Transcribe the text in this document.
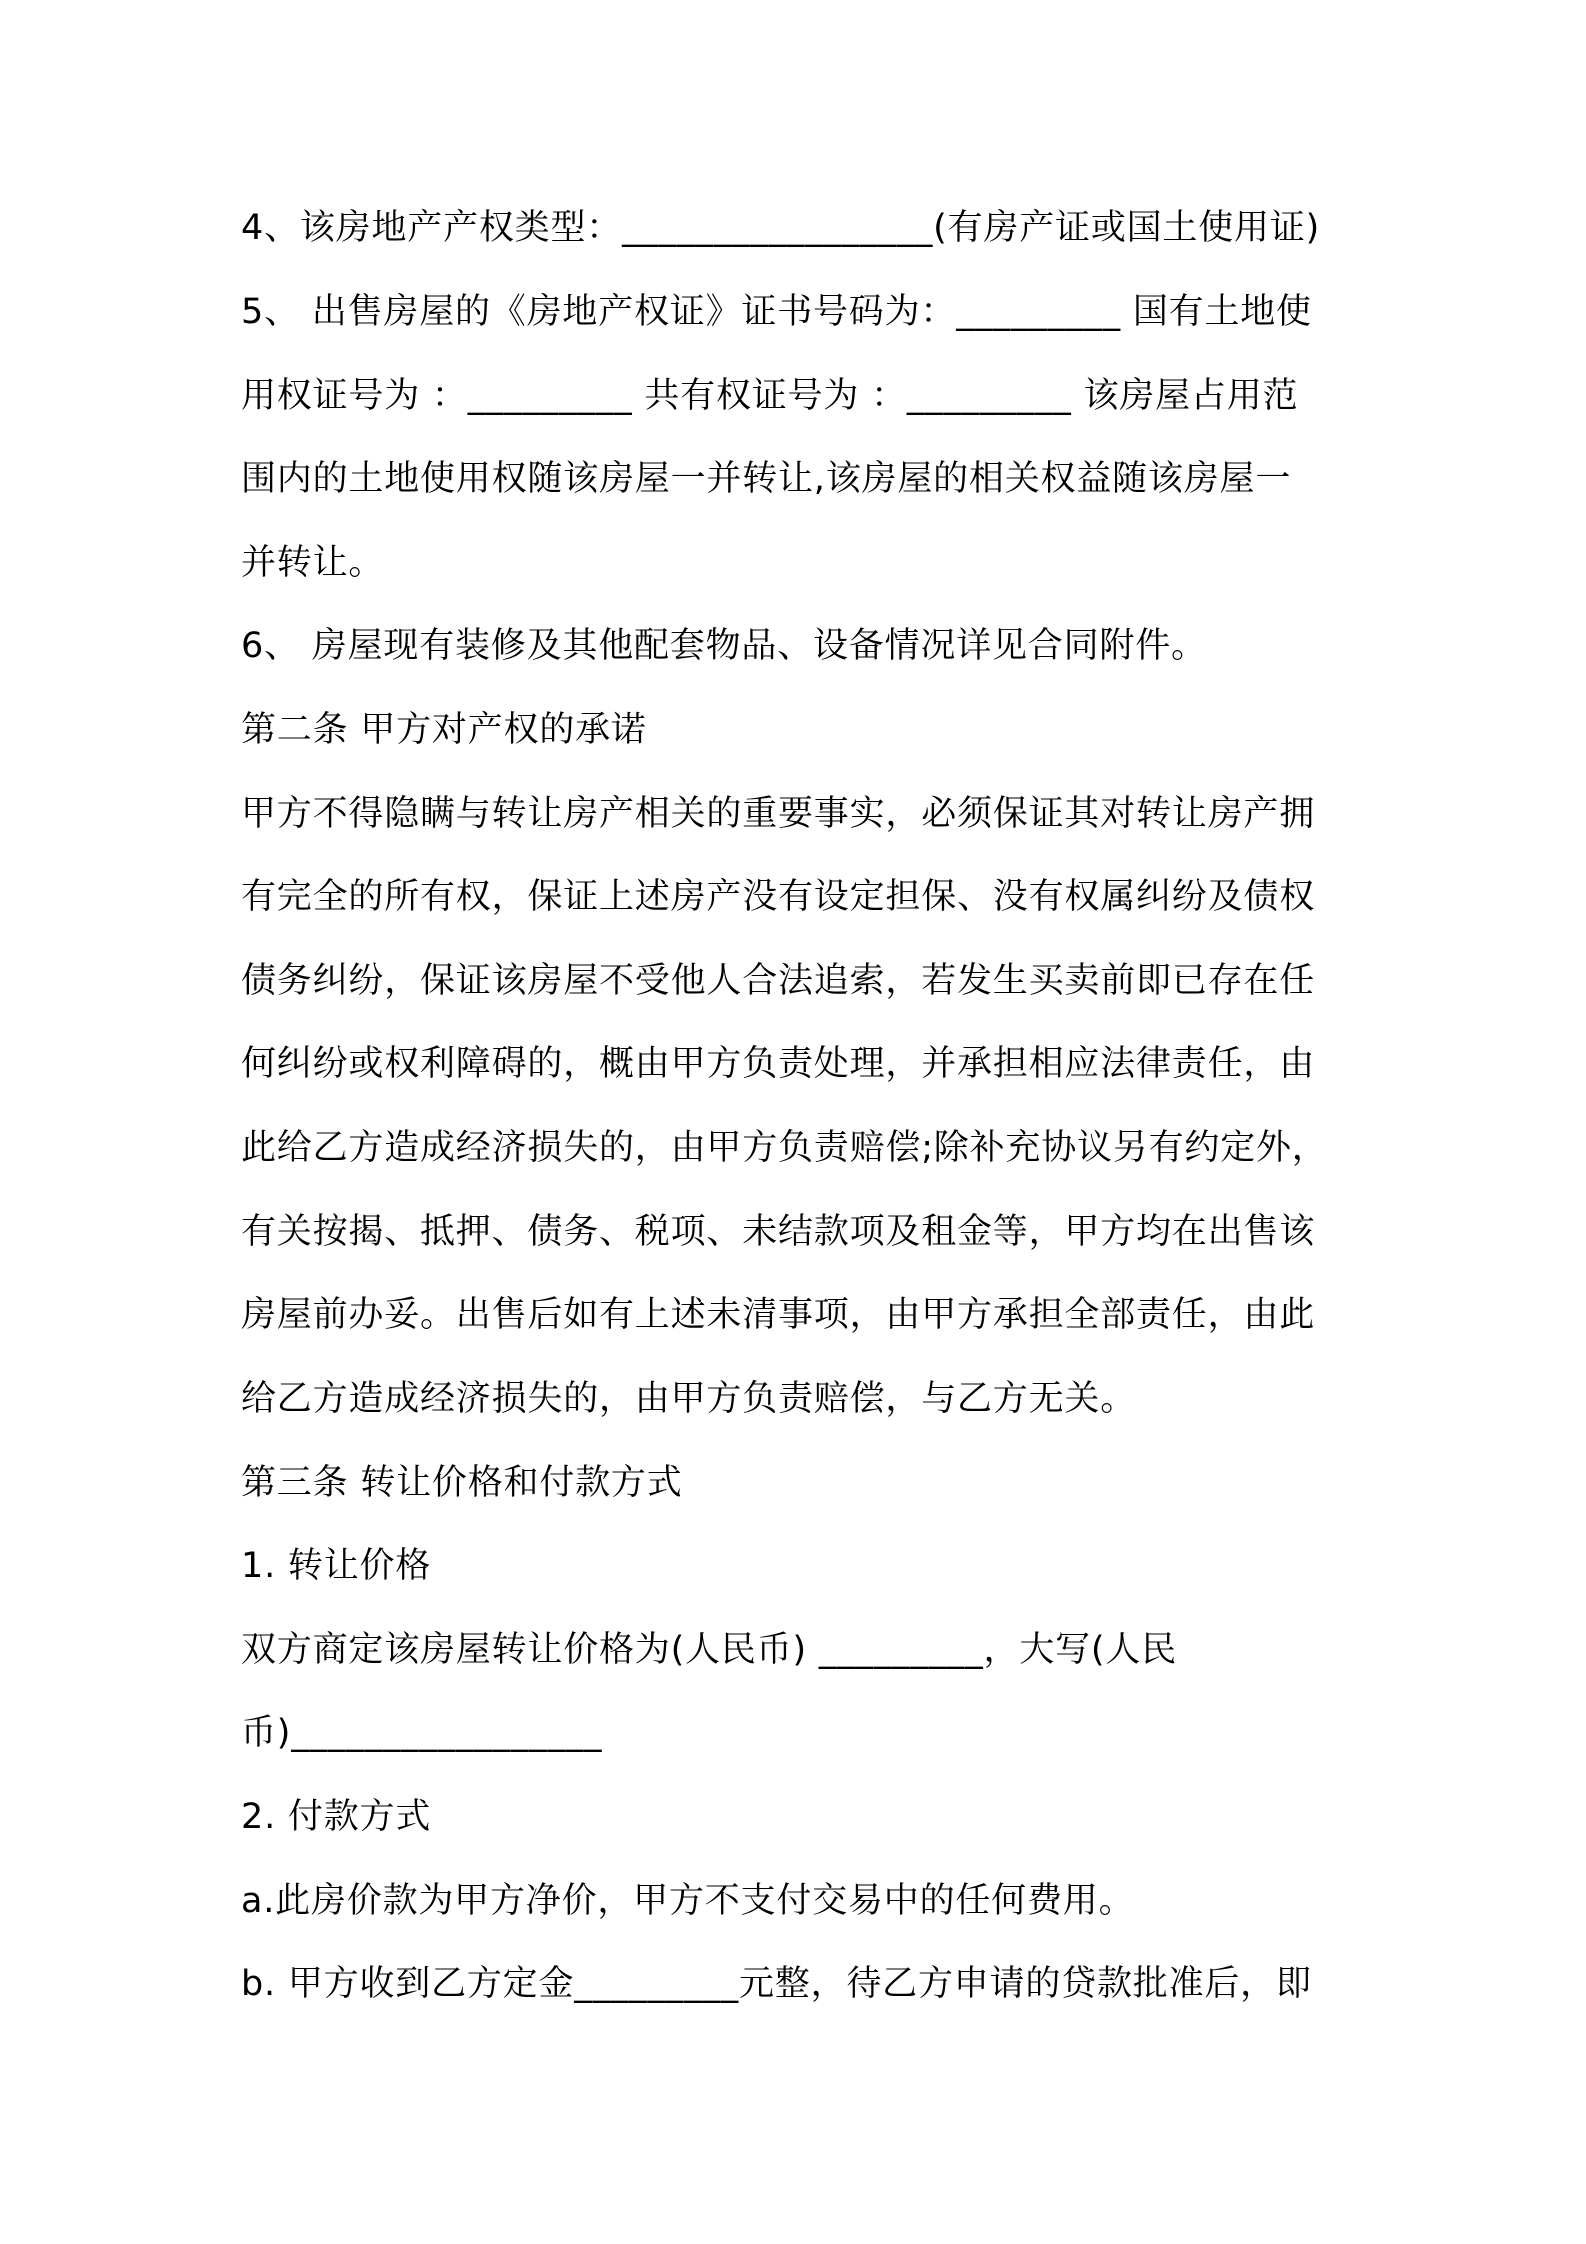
4、该房地产产权类型：_________________(有房产证或国土使用证)
5、 出售房屋的《房地产权证》证书号码为：_________ 国有土地使
用权证号为 ：_________ 共有权证号为 ：_________ 该房屋占用范
围内的土地使用权随该房屋一并转让,该房屋的相关权益随该房屋一
并转让。
6、 房屋现有装修及其他配套物品、设备情况详见合同附件。
第二条 甲方对产权的承诺
甲方不得隐瞒与转让房产相关的重要事实，必须保证其对转让房产拥
有完全的所有权，保证上述房产没有设定担保、没有权属纠纷及债权
债务纠纷，保证该房屋不受他人合法追索，若发生买卖前即已存在任
何纠纷或权利障碍的，概由甲方负责处理，并承担相应法律责任，由
此给乙方造成经济损失的，由甲方负责赔偿;除补充协议另有约定外，
有关按揭、抵押、债务、税项、未结款项及租金等，甲方均在出售该
房屋前办妥。出售后如有上述未清事项，由甲方承担全部责任，由此
给乙方造成经济损失的，由甲方负责赔偿，与乙方无关。
第三条 转让价格和付款方式
1. 转让价格
双方商定该房屋转让价格为(人民币) _________，大写(人民
币)_________________
2. 付款方式
a.此房价款为甲方净价，甲方不支付交易中的任何费用。
b. 甲方收到乙方定金_________元整，待乙方申请的贷款批准后，即
